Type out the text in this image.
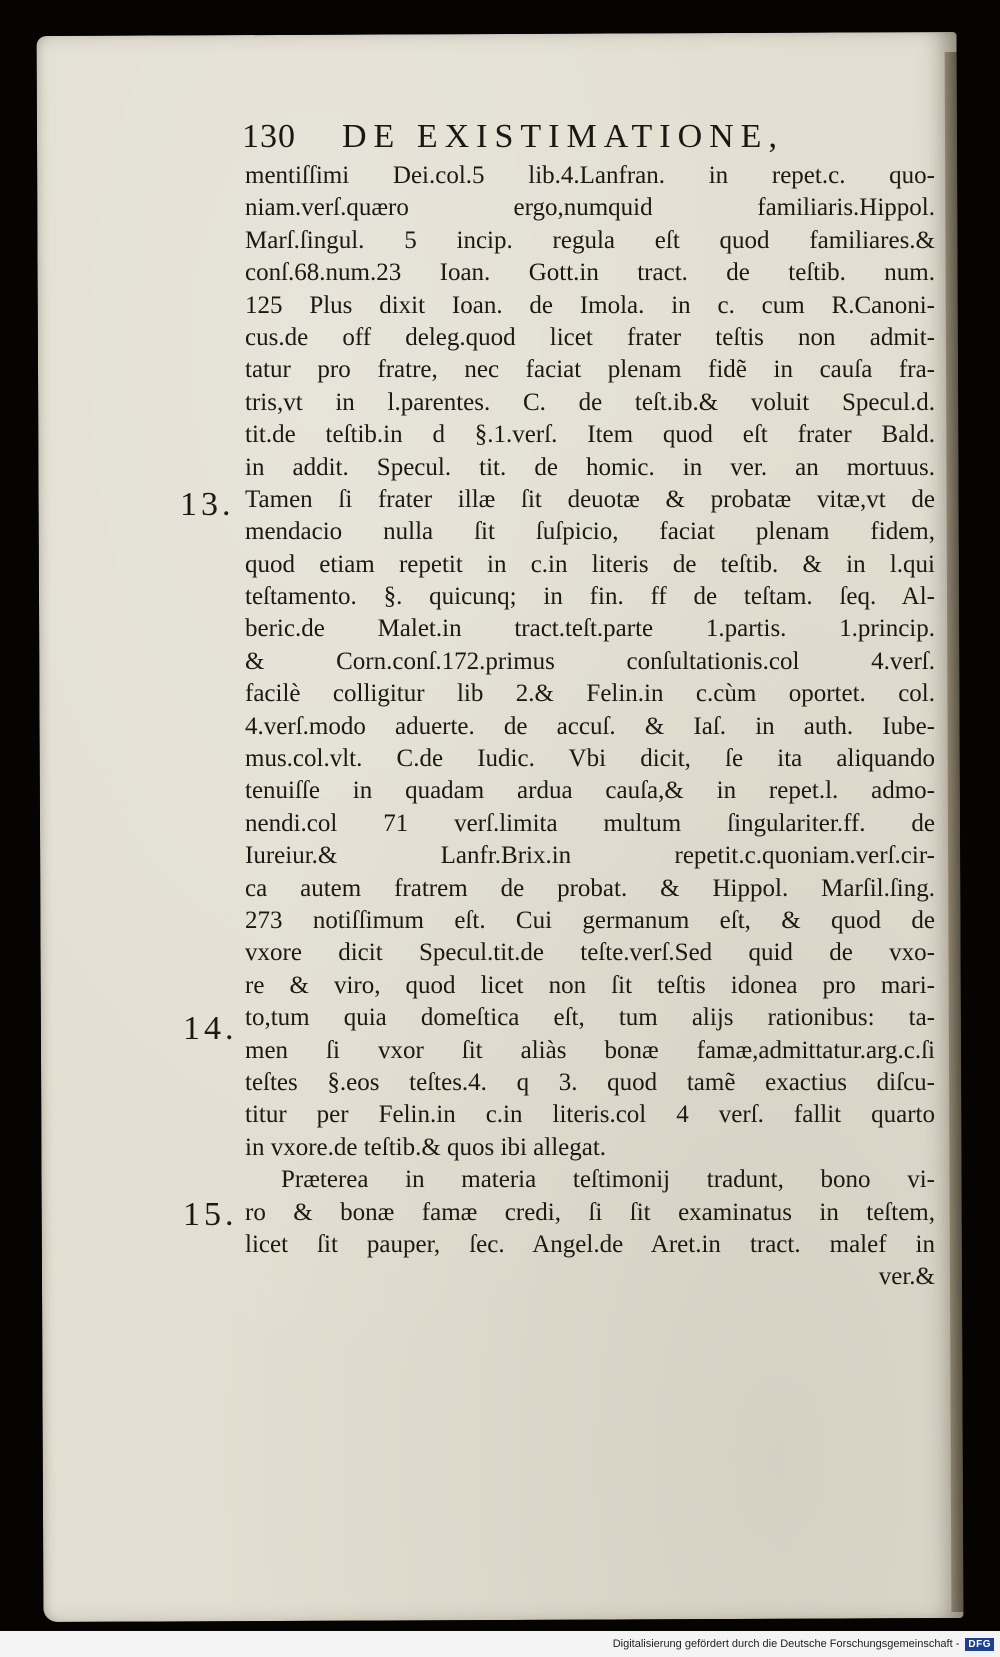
130 DE EXISTIMATIONE,
13.
14.
15.
mentiſſimi Dei.col.5 lib.4.Lanfran. in repet.c. quo-
niam.verſ.quæro ergo,numquid familiaris.Hippol.
Marſ.ſingul. 5 incip. regula eſt quod familiares.&
conſ.68.num.23 Ioan. Gott.in tract. de teſtib. num.
125 Plus dixit Ioan. de Imola. in c. cum R.Canoni-
cus.de off deleg.quod licet frater teſtis non admit-
tatur pro fratre, nec faciat plenam fidẽ in cauſa fra-
tris,vt in l.parentes. C. de teſt.ib.& voluit Specul.d.
tit.de teſtib.in d §.1.verſ. Item quod eſt frater Bald.
in addit. Specul. tit. de homic. in ver. an mortuus.
Tamen ſi frater illæ ſit deuotæ & probatæ vitæ,vt de
mendacio nulla ſit ſuſpicio, faciat plenam fidem,
quod etiam repetit in c.in literis de teſtib. & in l.qui
teſtamento. §. quicunq; in fin. ff de teſtam. ſeq. Al-
beric.de Malet.in tract.teſt.parte 1.partis. 1.princip.
& Corn.conſ.172.primus conſultationis.col 4.verſ.
facilè colligitur lib 2.& Felin.in c.cùm oportet. col.
4.verſ.modo aduerte. de accuſ. & Iaſ. in auth. Iube-
mus.col.vlt. C.de Iudic. Vbi dicit, ſe ita aliquando
tenuiſſe in quadam ardua cauſa,& in repet.l. admo-
nendi.col 71 verſ.limita multum ſingulariter.ff. de
Iureiur.& Lanfr.Brix.in repetit.c.quoniam.verſ.cir-
ca autem fratrem de probat. & Hippol. Marſil.ſing.
273 notiſſimum eſt. Cui germanum eſt, & quod de
vxore dicit Specul.tit.de teſte.verſ.Sed quid de vxo-
re & viro, quod licet non ſit teſtis idonea pro mari-
to,tum quia domeſtica eſt, tum alijs rationibus: ta-
men ſi vxor ſit aliàs bonæ famæ,admittatur.arg.c.ſi
teſtes §.eos teſtes.4. q 3. quod tamẽ exactius diſcu-
titur per Felin.in c.in literis.col 4 verſ. fallit quarto
in vxore.de teſtib.& quos ibi allegat.
Præterea in materia teſtimonij tradunt, bono vi-
ro & bonæ famæ credi, ſi ſit examinatus in teſtem,
licet ſit pauper, ſec. Angel.de Aret.in tract. malef in
ver.&
Digitalisierung gefördert durch die Deutsche Forschungsgemeinschaft - DFG
